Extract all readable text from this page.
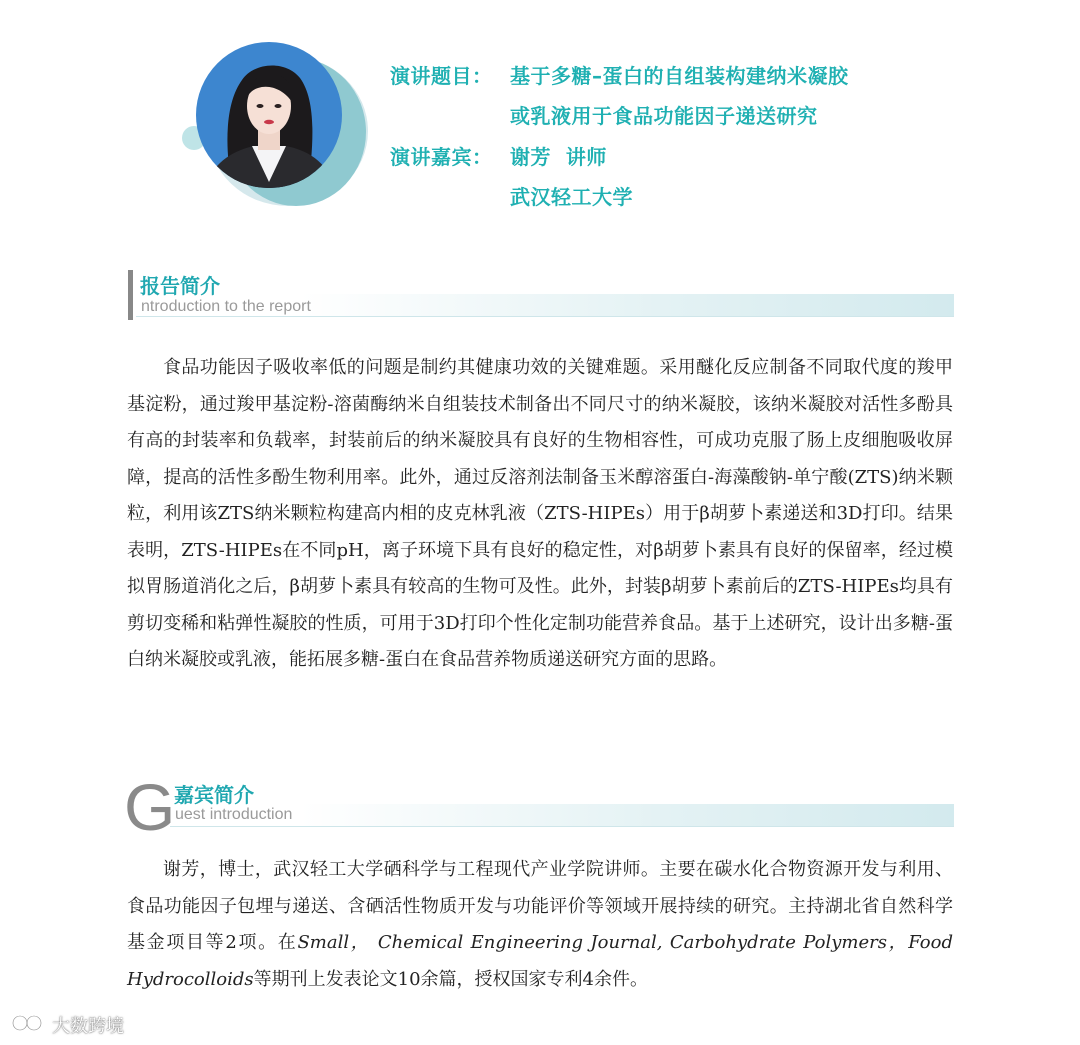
演讲题目： 基于多糖–蛋白的自组装构建纳米凝胶
或乳液用于食品功能因子递送研究
演讲嘉宾： 谢芳  讲师
武汉轻工大学
报告简介
ntroduction to the report

食品功能因子吸收率低的问题是制约其健康功效的关键难题。采用醚化反应制备不同取代度的羧甲基淀粉，通过羧甲基淀粉-溶菌酶纳米自组装技术制备出不同尺寸的纳米凝胶，该纳米凝胶对活性多酚具有高的封装率和负载率，封装前后的纳米凝胶具有良好的生物相容性，可成功克服了肠上皮细胞吸收屏障，提高的活性多酚生物利用率。此外，通过反溶剂法制备玉米醇溶蛋白-海藻酸钠-单宁酸(ZTS)纳米颗粒，利用该ZTS纳米颗粒构建高内相的皮克林乳液（ZTS-HIPEs）用于β胡萝卜素递送和3D打印。结果表明，ZTS-HIPEs在不同pH，离子环境下具有良好的稳定性，对β胡萝卜素具有良好的保留率，经过模拟胃肠道消化之后，β胡萝卜素具有较高的生物可及性。此外，封装β胡萝卜素前后的ZTS-HIPEs均具有剪切变稀和粘弹性凝胶的性质，可用于3D打印个性化定制功能营养食品。基于上述研究，设计出多糖-蛋白纳米凝胶或乳液，能拓展多糖-蛋白在食品营养物质递送研究方面的思路。

G
嘉宾简介
uest introduction

谢芳，博士，武汉轻工大学硒科学与工程现代产业学院讲师。主要在碳水化合物资源开发与利用、食品功能因子包埋与递送、含硒活性物质开发与功能评价等领域开展持续的研究。主持湖北省自然科学基金项目等2项。在Small， Chemical Engineering Journal, Carbohydrate Polymers，Food Hydrocolloids等期刊上发表论文10余篇，授权国家专利4余件。

大数跨境
